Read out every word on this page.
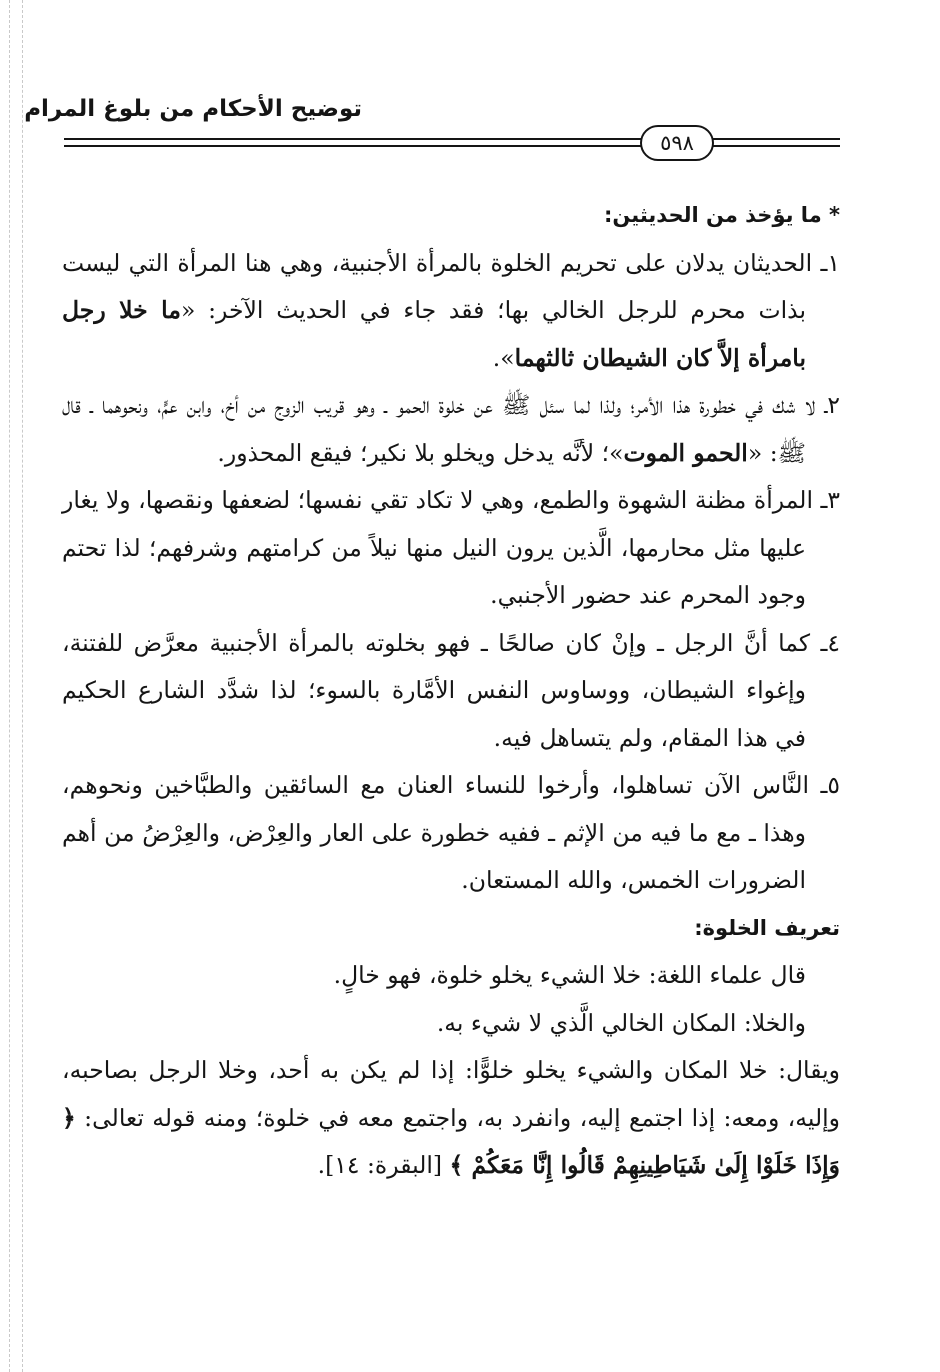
توضيح الأحكام من بلوغ المرام
٥٩٨

* ما يؤخذ من الحديثين:

١ـ الحديثان يدلان على تحريم الخلوة بالمرأة الأجنبية، وهي هنا المرأة التي ليست بذات محرم للرجل الخالي بها؛ فقد جاء في الحديث الآخر: «ما خلا رجل بامرأة إلاَّ كان الشيطان ثالثهما».

٢ـ لا شك في خطورة هذا الأمر؛ ولذا لما سئل ﷺ عن خلوة الحمو ـ وهو قريب الزوج من أخ، وابن عمٍّ، ونحوهما ـ قال ﷺ: «الحمو الموت»؛ لأنَّه يدخل ويخلو بلا نكير؛ فيقع المحذور.

٣ـ المرأة مظنة الشهوة والطمع، وهي لا تكاد تقي نفسها؛ لضعفها ونقصها، ولا يغار عليها مثل محارمها، الَّذين يرون النيل منها نيلاً من كرامتهم وشرفهم؛ لذا تحتم وجود المحرم عند حضور الأجنبي.

٤ـ كما أنَّ الرجل ـ وإنْ كان صالحًا ـ فهو بخلوته بالمرأة الأجنبية معرَّض للفتنة، وإغواء الشيطان، ووساوس النفس الأمَّارة بالسوء؛ لذا شدَّد الشارع الحكيم في هذا المقام، ولم يتساهل فيه.

٥ـ النَّاس الآن تساهلوا، وأرخوا للنساء العنان مع السائقين والطبَّاخين ونحوهم، وهذا ـ مع ما فيه من الإثم ـ ففيه خطورة على العار والعِرْض، والعِرْضُ من أهم الضرورات الخمس، والله المستعان.

تعريف الخلوة:

قال علماء اللغة: خلا الشيء يخلو خلوة، فهو خالٍ.

والخلا: المكان الخالي الَّذي لا شيء به.

ويقال: خلا المكان والشيء يخلو خلوًّا: إذا لم يكن به أحد، وخلا الرجل بصاحبه، وإليه، ومعه: إذا اجتمع إليه، وانفرد به، واجتمع معه في خلوة؛ ومنه قوله تعالى: ﴿ وَإِذَا خَلَوْا إِلَىٰ شَيَاطِينِهِمْ قَالُوا إِنَّا مَعَكُمْ ﴾ [البقرة: ١٤].
